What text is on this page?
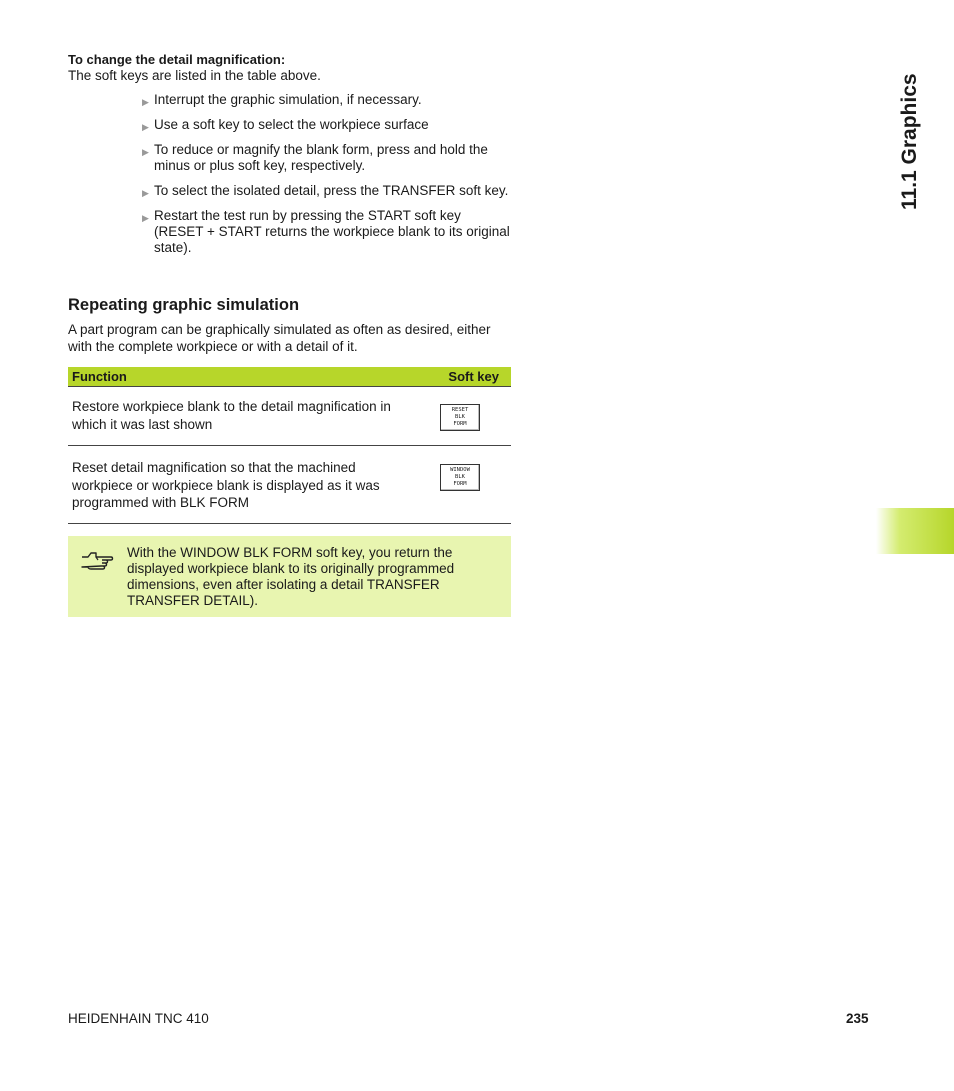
To change the detail magnification:
The soft keys are listed in the table above.
▶ Interrupt the graphic simulation, if necessary.
▶ Use a soft key to select the workpiece surface
▶ To reduce or magnify the blank form, press and hold the minus or plus soft key, respectively.
▶ To select the isolated detail, press the TRANSFER soft key.
▶ Restart the test run by pressing the START soft key (RESET + START returns the workpiece blank to its original state).
Repeating graphic simulation
A part program can be graphically simulated as often as desired, either with the complete workpiece or with a detail of it.
Function	Soft key
Restore workpiece blank to the detail magnification in which it was last shown
RESET
BLK
FORM
Reset detail magnification so that the machined workpiece or workpiece blank is displayed as it was programmed with BLK FORM
WINDOW
BLK
FORM
With the WINDOW BLK FORM soft key, you return the displayed workpiece blank to its originally programmed dimensions, even after isolating a detail TRANSFER TRANSFER DETAIL).
11.1 Graphics
HEIDENHAIN TNC 410	235
